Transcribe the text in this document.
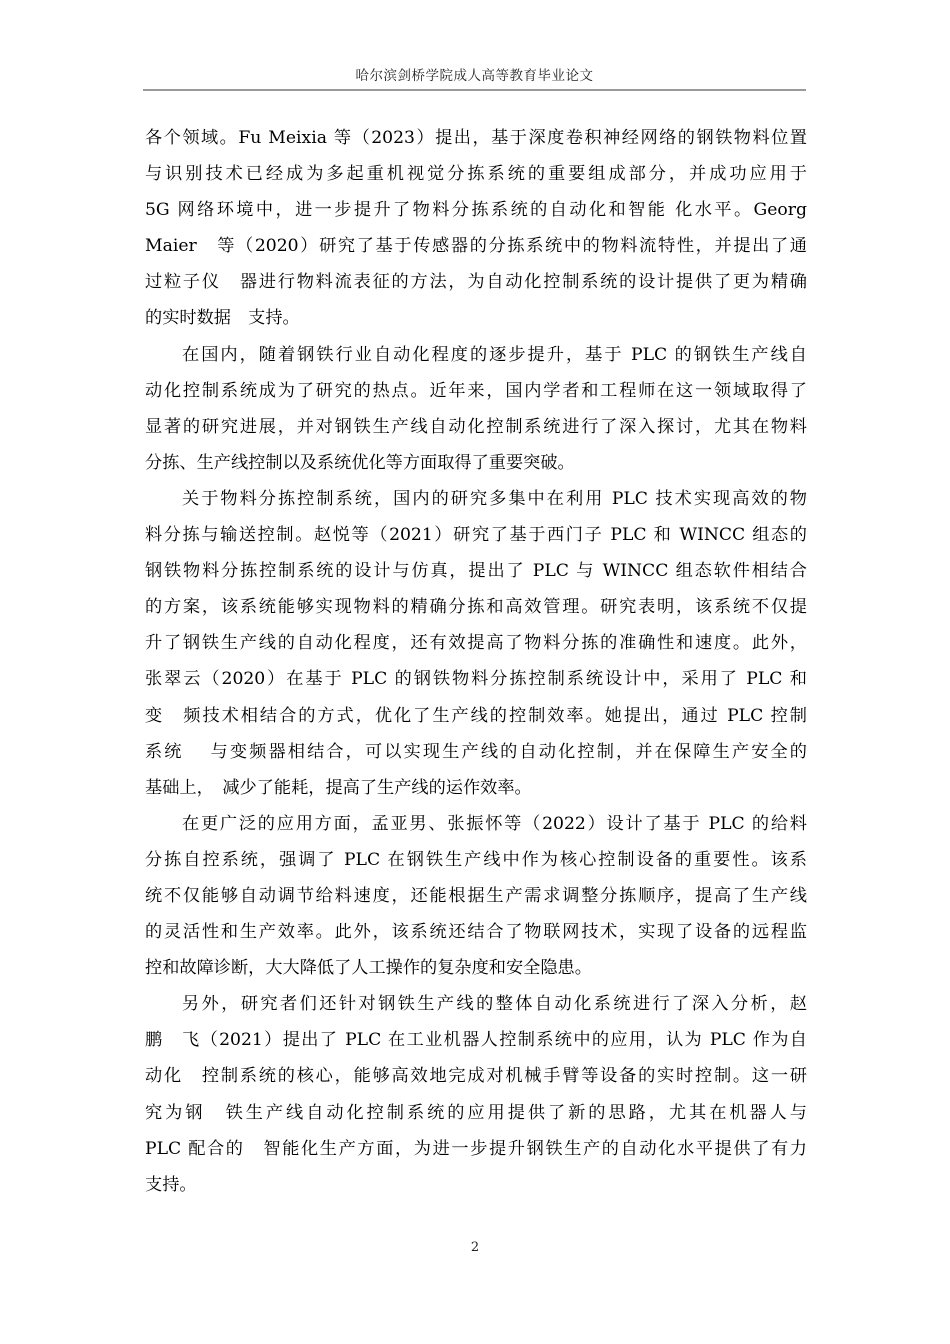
哈尔滨剑桥学院成人高等教育毕业论文
各个领域。Fu Meixia 等（2023）提出，基于深度卷积神经网络的钢铁物料位置
与识别技术已经成为多起重机视觉分拣系统的重要组成部分，并成功应用于
5G 网络环境中，进一步提升了物料分拣系统的自动化和智能 化水平。Georg
Maier　等（2020）研究了基于传感器的分拣系统中的物料流特性，并提出了通
过粒子仪　器进行物料流表征的方法，为自动化控制系统的设计提供了更为精确
的实时数据　支持。
在国内，随着钢铁行业自动化程度的逐步提升，基于 PLC 的钢铁生产线自
动化控制系统成为了研究的热点。近年来，国内学者和工程师在这一领域取得了
显著的研究进展，并对钢铁生产线自动化控制系统进行了深入探讨，尤其在物料
分拣、生产线控制以及系统优化等方面取得了重要突破。
关于物料分拣控制系统，国内的研究多集中在利用 PLC 技术实现高效的物
料分拣与输送控制。赵悦等（2021）研究了基于西门子 PLC 和 WINCC 组态的
钢铁物料分拣控制系统的设计与仿真，提出了 PLC 与 WINCC 组态软件相结合
的方案，该系统能够实现物料的精确分拣和高效管理。研究表明，该系统不仅提
升了钢铁生产线的自动化程度，还有效提高了物料分拣的准确性和速度。此外，
张翠云（2020）在基于 PLC 的钢铁物料分拣控制系统设计中，采用了 PLC 和
变　频技术相结合的方式，优化了生产线的控制效率。她提出，通过 PLC 控制
系统　 与变频器相结合，可以实现生产线的自动化控制，并在保障生产安全的
基础上，　减少了能耗，提高了生产线的运作效率。
在更广泛的应用方面，孟亚男、张振怀等（2022）设计了基于 PLC 的给料
分拣自控系统，强调了 PLC 在钢铁生产线中作为核心控制设备的重要性。该系
统不仅能够自动调节给料速度，还能根据生产需求调整分拣顺序，提高了生产线
的灵活性和生产效率。此外，该系统还结合了物联网技术，实现了设备的远程监
控和故障诊断，大大降低了人工操作的复杂度和安全隐患。
另外，研究者们还针对钢铁生产线的整体自动化系统进行了深入分析，赵
鹏　飞（2021）提出了 PLC 在工业机器人控制系统中的应用，认为 PLC 作为自
动化　控制系统的核心，能够高效地完成对机械手臂等设备的实时控制。这一研
究为钢　铁生产线自动化控制系统的应用提供了新的思路，尤其在机器人与
PLC 配合的　智能化生产方面，为进一步提升钢铁生产的自动化水平提供了有力
支持。
2
